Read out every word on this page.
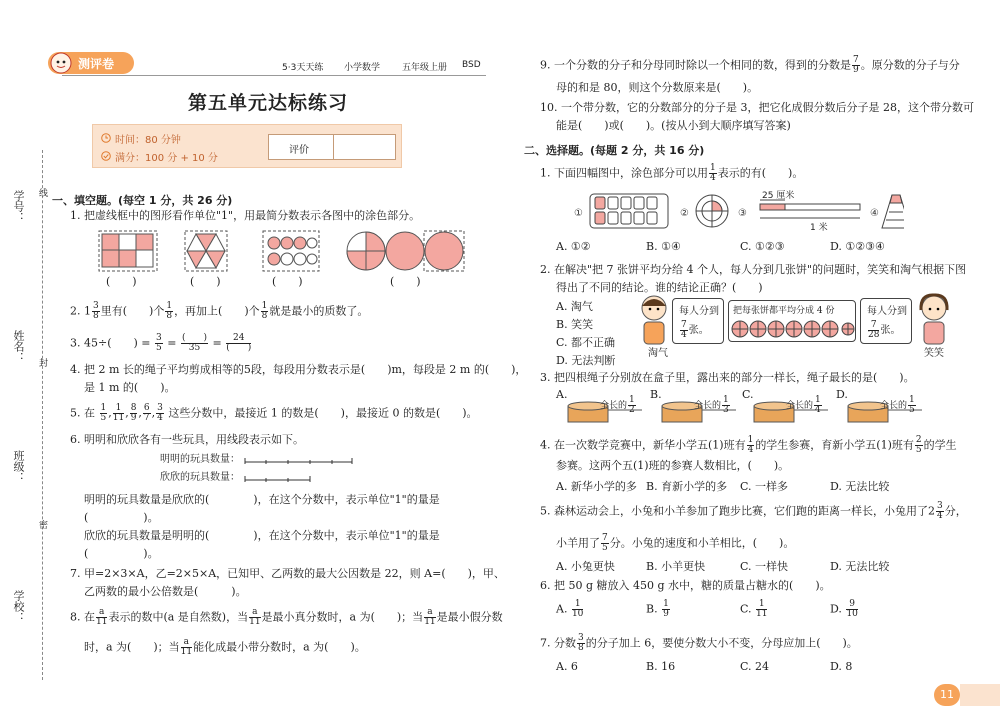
学号：
姓名：
班级：
学校：
线
封
密
测评卷	5·3天天练 小学数学 五年级上册 BSD
第五单元达标练习
时间：80 分钟
满分：100 分 + 10 分
评价
一、填空题。(每空 1 分，共 26 分)
1. 把虚线框中的图形看作单位"1"，用最简分数表示各图中的涂色部分。
(　　)	(　　)	(　　)	(　　)
2. $1 \frac{3}{8}$ 里有(　　)个 $\frac{1}{8}$ ，再加上(　　)个 $\frac{1}{8}$ 就是最小的质数了。
3. 45÷(　　) = $\frac{3}{5} = \frac{( )}{35} = \frac{24}{( )}$
4. 把 2 m 长的绳子平均剪成相等的5段，每段用分数表示是(　　)m，每段是 2 m 的(　　)，
是 1 m 的(　　)。
5. 在 $\frac{1}{5}$ , $\frac{1}{11}$ , $\frac{8}{9}$ , $\frac{6}{7}$ , $\frac{3}{4}$ 这些分数中，最接近 1 的数是(　　)，最接近 0 的数是(　　)。
6. 明明和欣欣各有一些玩具，用线段表示如下。
明明的玩具数量：
欣欣的玩具数量：
明明的玩具数量是欣欣的(　　　　)，在这个分数中，表示单位"1"的量是
(　　　　　)。
欣欣的玩具数量是明明的(　　　　)，在这个分数中，表示单位"1"的量是
(　　　　　)。
7. 甲=2×3×A，乙=2×5×A，已知甲、乙两数的最大公因数是 22，则 A=(　　)，甲、
乙两数的最小公倍数是(　　　)。
8. 在 $\frac{a}{11}$ 表示的数中(a 是自然数)，当 $\frac{a}{11}$ 是最小真分数时，a 为(　　)；当 $\frac{a}{11}$ 是最小假分数
时，a 为(　　)；当 $\frac{a}{11}$ 能化成最小带分数时，a 为(　　)。
9. 一个分数的分子和分母同时除以一个相同的数，得到的分数是 $\frac{7}{9}$ 。原分数的分子与分
母的和是 80，则这个分数原来是(　　)。
10. 一个带分数，它的分数部分的分子是 3，把它化成假分数后分子是 28，这个带分数可
能是(　　)或(　　)。(按从小到大顺序填写答案)
二、选择题。(每题 2 分，共 16 分)
1. 下面四幅图中，涂色部分可以用 $\frac{1}{4}$ 表示的有(　　)。
①	②	③	④
25 厘米
1 米
A. ①②	B. ①④	C. ①②③	D. ①②③④
2. 在解决"把 7 张饼平均分给 4 个人，每人分到几张饼"的问题时，笑笑和淘气根据下图
得出了不同的结论。谁的结论正确？(　　)
A. 淘气
B. 笑笑
C. 都不正确
D. 无法判断
淘气
每人分到
$\frac{7}{4}$ 张。
把每张饼都平均分成 4 份	每人分到
$\frac{7}{28}$ 张。
笑笑
3. 把四根绳子分别放在盒子里，露出来的部分一样长，绳子最长的是(　　)。
A.	B.	C.	D.
全长的 $\frac{1}{2}$	全长的 $\frac{1}{3}$	全长的 $\frac{1}{4}$	全长的 $\frac{1}{5}$
4. 在一次数学竞赛中，新华小学五(1)班有 $\frac{1}{4}$ 的学生参赛，育新小学五(1)班有 $\frac{2}{5}$ 的学生
参赛。这两个五(1)班的参赛人数相比，(　　)。
A. 新华小学的多 B. 育新小学的多 C. 一样多	D. 无法比较
5. 森林运动会上，小兔和小羊参加了跑步比赛，它们跑的距离一样长，小兔用了$2 \frac{3}{4}$ 分，
小羊用了 $\frac{7}{5}$ 分。小兔的速度和小羊相比，(　　)。
A. 小兔更快	B. 小羊更快	C. 一样快	D. 无法比较
6. 把 50 g 糖放入 450 g 水中，糖的质量占糖水的(　　)。
A. $\frac{1}{10}$	B. $\frac{1}{9}$	C. $\frac{1}{11}$	D. $\frac{9}{10}$
7. 分数 $\frac{3}{8}$ 的分子加上 6，要使分数大小不变，分母应加上(　　)。
A. 6	B. 16	C. 24	D. 8
11
